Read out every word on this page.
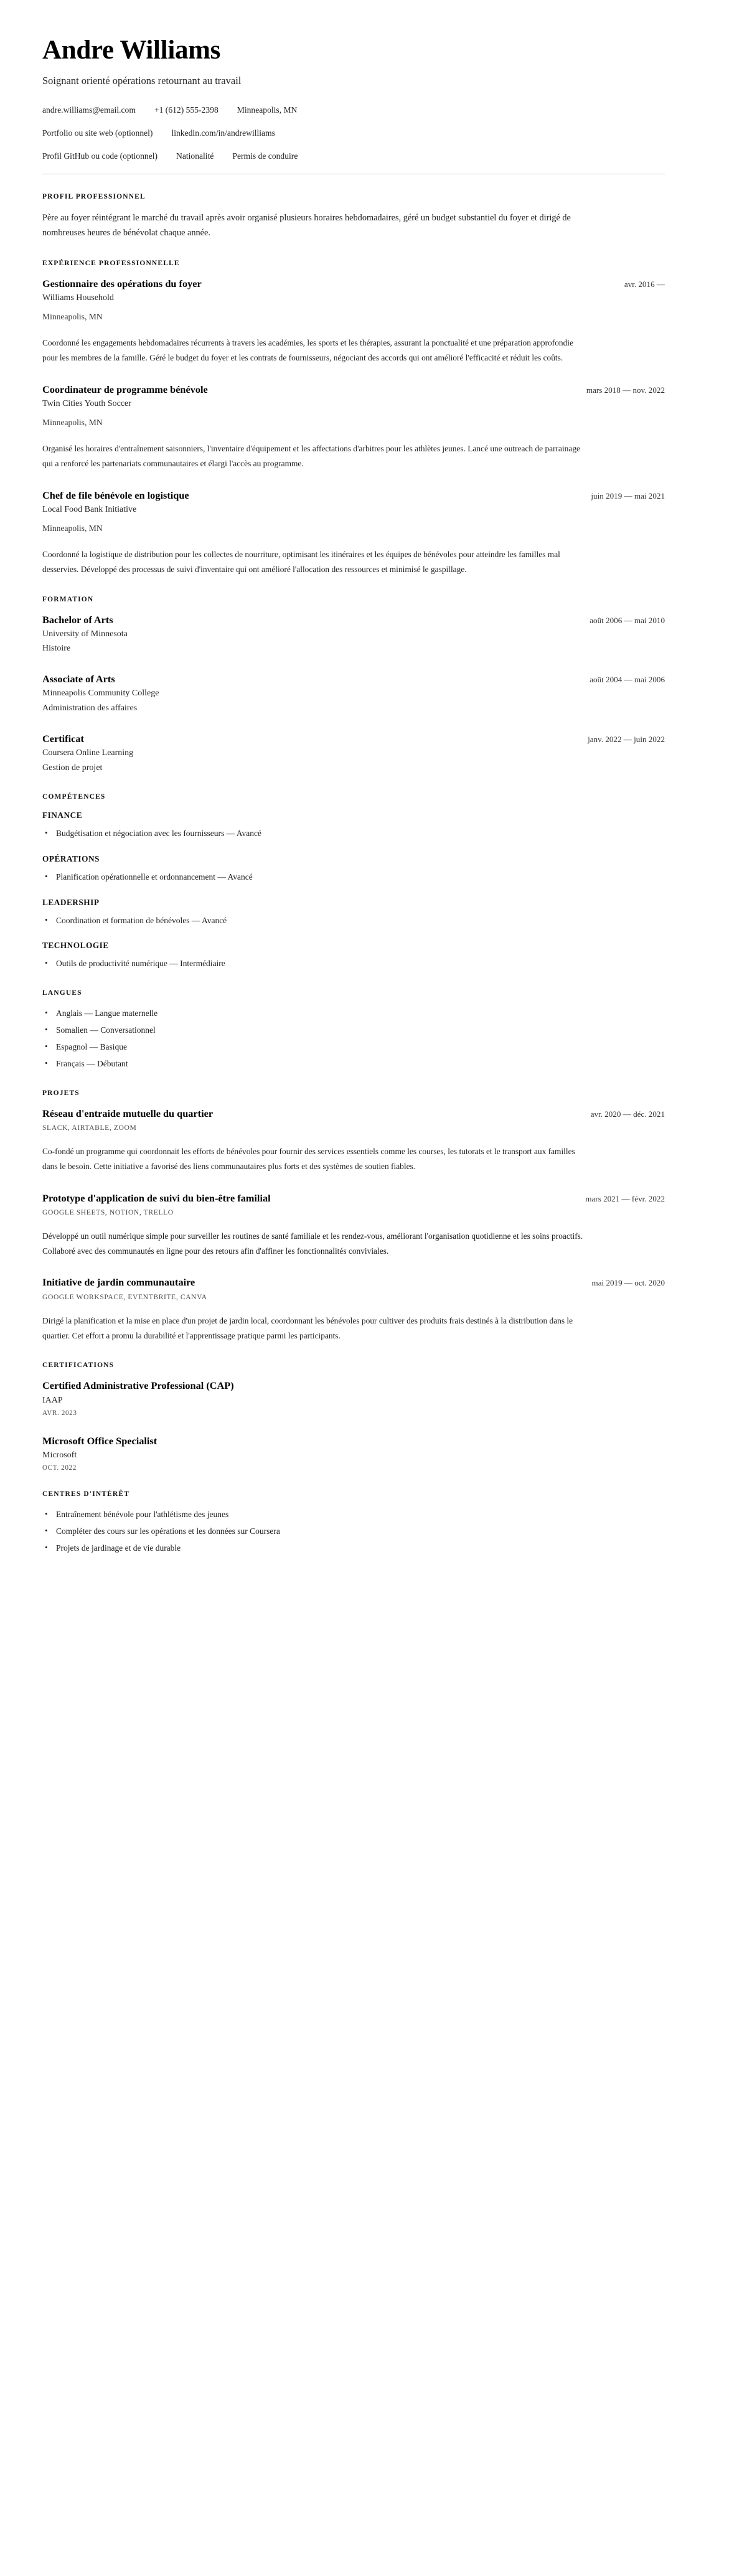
Andre Williams

Soignant orienté opérations retournant au travail

andre.williams@email.com +1 (612) 555-2398 Minneapolis, MN
Portfolio ou site web (optionnel) linkedin.com/in/andrewilliams
Profil GitHub ou code (optionnel) Nationalité Permis de conduire
PROFIL PROFESSIONNEL

Père au foyer réintégrant le marché du travail après avoir organisé plusieurs horaires hebdomadaires, géré un budget substantiel du foyer et dirigé de nombreuses heures de bénévolat chaque année.

EXPÉRIENCE PROFESSIONNELLE
Gestionnaire des opérations du foyer	avr. 2016 —

Williams Household

Minneapolis, MN

Coordonné les engagements hebdomadaires récurrents à travers les académies, les sports et les thérapies, assurant la ponctualité et une préparation approfondie pour les membres de la famille. Géré le budget du foyer et les contrats de fournisseurs, négociant des accords qui ont amélioré l'efficacité et réduit les coûts.

Coordinateur de programme bénévole	mars 2018 — nov. 2022

Twin Cities Youth Soccer

Minneapolis, MN

Organisé les horaires d'entraînement saisonniers, l'inventaire d'équipement et les affectations d'arbitres pour les athlètes jeunes. Lancé une outreach de parrainage qui a renforcé les partenariats communautaires et élargi l'accès au programme.

Chef de file bénévole en logistique	juin 2019 — mai 2021

Local Food Bank Initiative

Minneapolis, MN

Coordonné la logistique de distribution pour les collectes de nourriture, optimisant les itinéraires et les équipes de bénévoles pour atteindre les familles mal desservies. Développé des processus de suivi d'inventaire qui ont amélioré l'allocation des ressources et minimisé le gaspillage.

FORMATION
Bachelor of Arts	août 2006 — mai 2010

University of Minnesota

Histoire

Associate of Arts	août 2004 — mai 2006

Minneapolis Community College

Administration des affaires

Certificat	janv. 2022 — juin 2022

Coursera Online Learning

Gestion de projet

COMPÉTENCES
FINANCE
• Budgétisation et négociation avec les fournisseurs — Avancé
OPÉRATIONS
• Planification opérationnelle et ordonnancement — Avancé
LEADERSHIP
• Coordination et formation de bénévoles — Avancé
TECHNOLOGIE
• Outils de productivité numérique — Intermédiaire
LANGUES
• Anglais — Langue maternelle
• Somalien — Conversationnel
• Espagnol — Basique
• Français — Débutant
PROJETS
Réseau d'entraide mutuelle du quartier	avr. 2020 — déc. 2021

SLACK, AIRTABLE, ZOOM

Co-fondé un programme qui coordonnait les efforts de bénévoles pour fournir des services essentiels comme les courses, les tutorats et le transport aux familles dans le besoin. Cette initiative a favorisé des liens communautaires plus forts et des systèmes de soutien fiables.

Prototype d'application de suivi du bien-être familial	mars 2021 — févr. 2022

GOOGLE SHEETS, NOTION, TRELLO

Développé un outil numérique simple pour surveiller les routines de santé familiale et les rendez-vous, améliorant l'organisation quotidienne et les soins proactifs. Collaboré avec des communautés en ligne pour des retours afin d'affiner les fonctionnalités conviviales.

Initiative de jardin communautaire	mai 2019 — oct. 2020

GOOGLE WORKSPACE, EVENTBRITE, CANVA

Dirigé la planification et la mise en place d'un projet de jardin local, coordonnant les bénévoles pour cultiver des produits frais destinés à la distribution dans le quartier. Cet effort a promu la durabilité et l'apprentissage pratique parmi les participants.

CERTIFICATIONS
Certified Administrative Professional (CAP)

IAAP

AVR. 2023

Microsoft Office Specialist

Microsoft

OCT. 2022

CENTRES D'INTÉRÊT
• Entraînement bénévole pour l'athlétisme des jeunes
• Compléter des cours sur les opérations et les données sur Coursera
• Projets de jardinage et de vie durable
